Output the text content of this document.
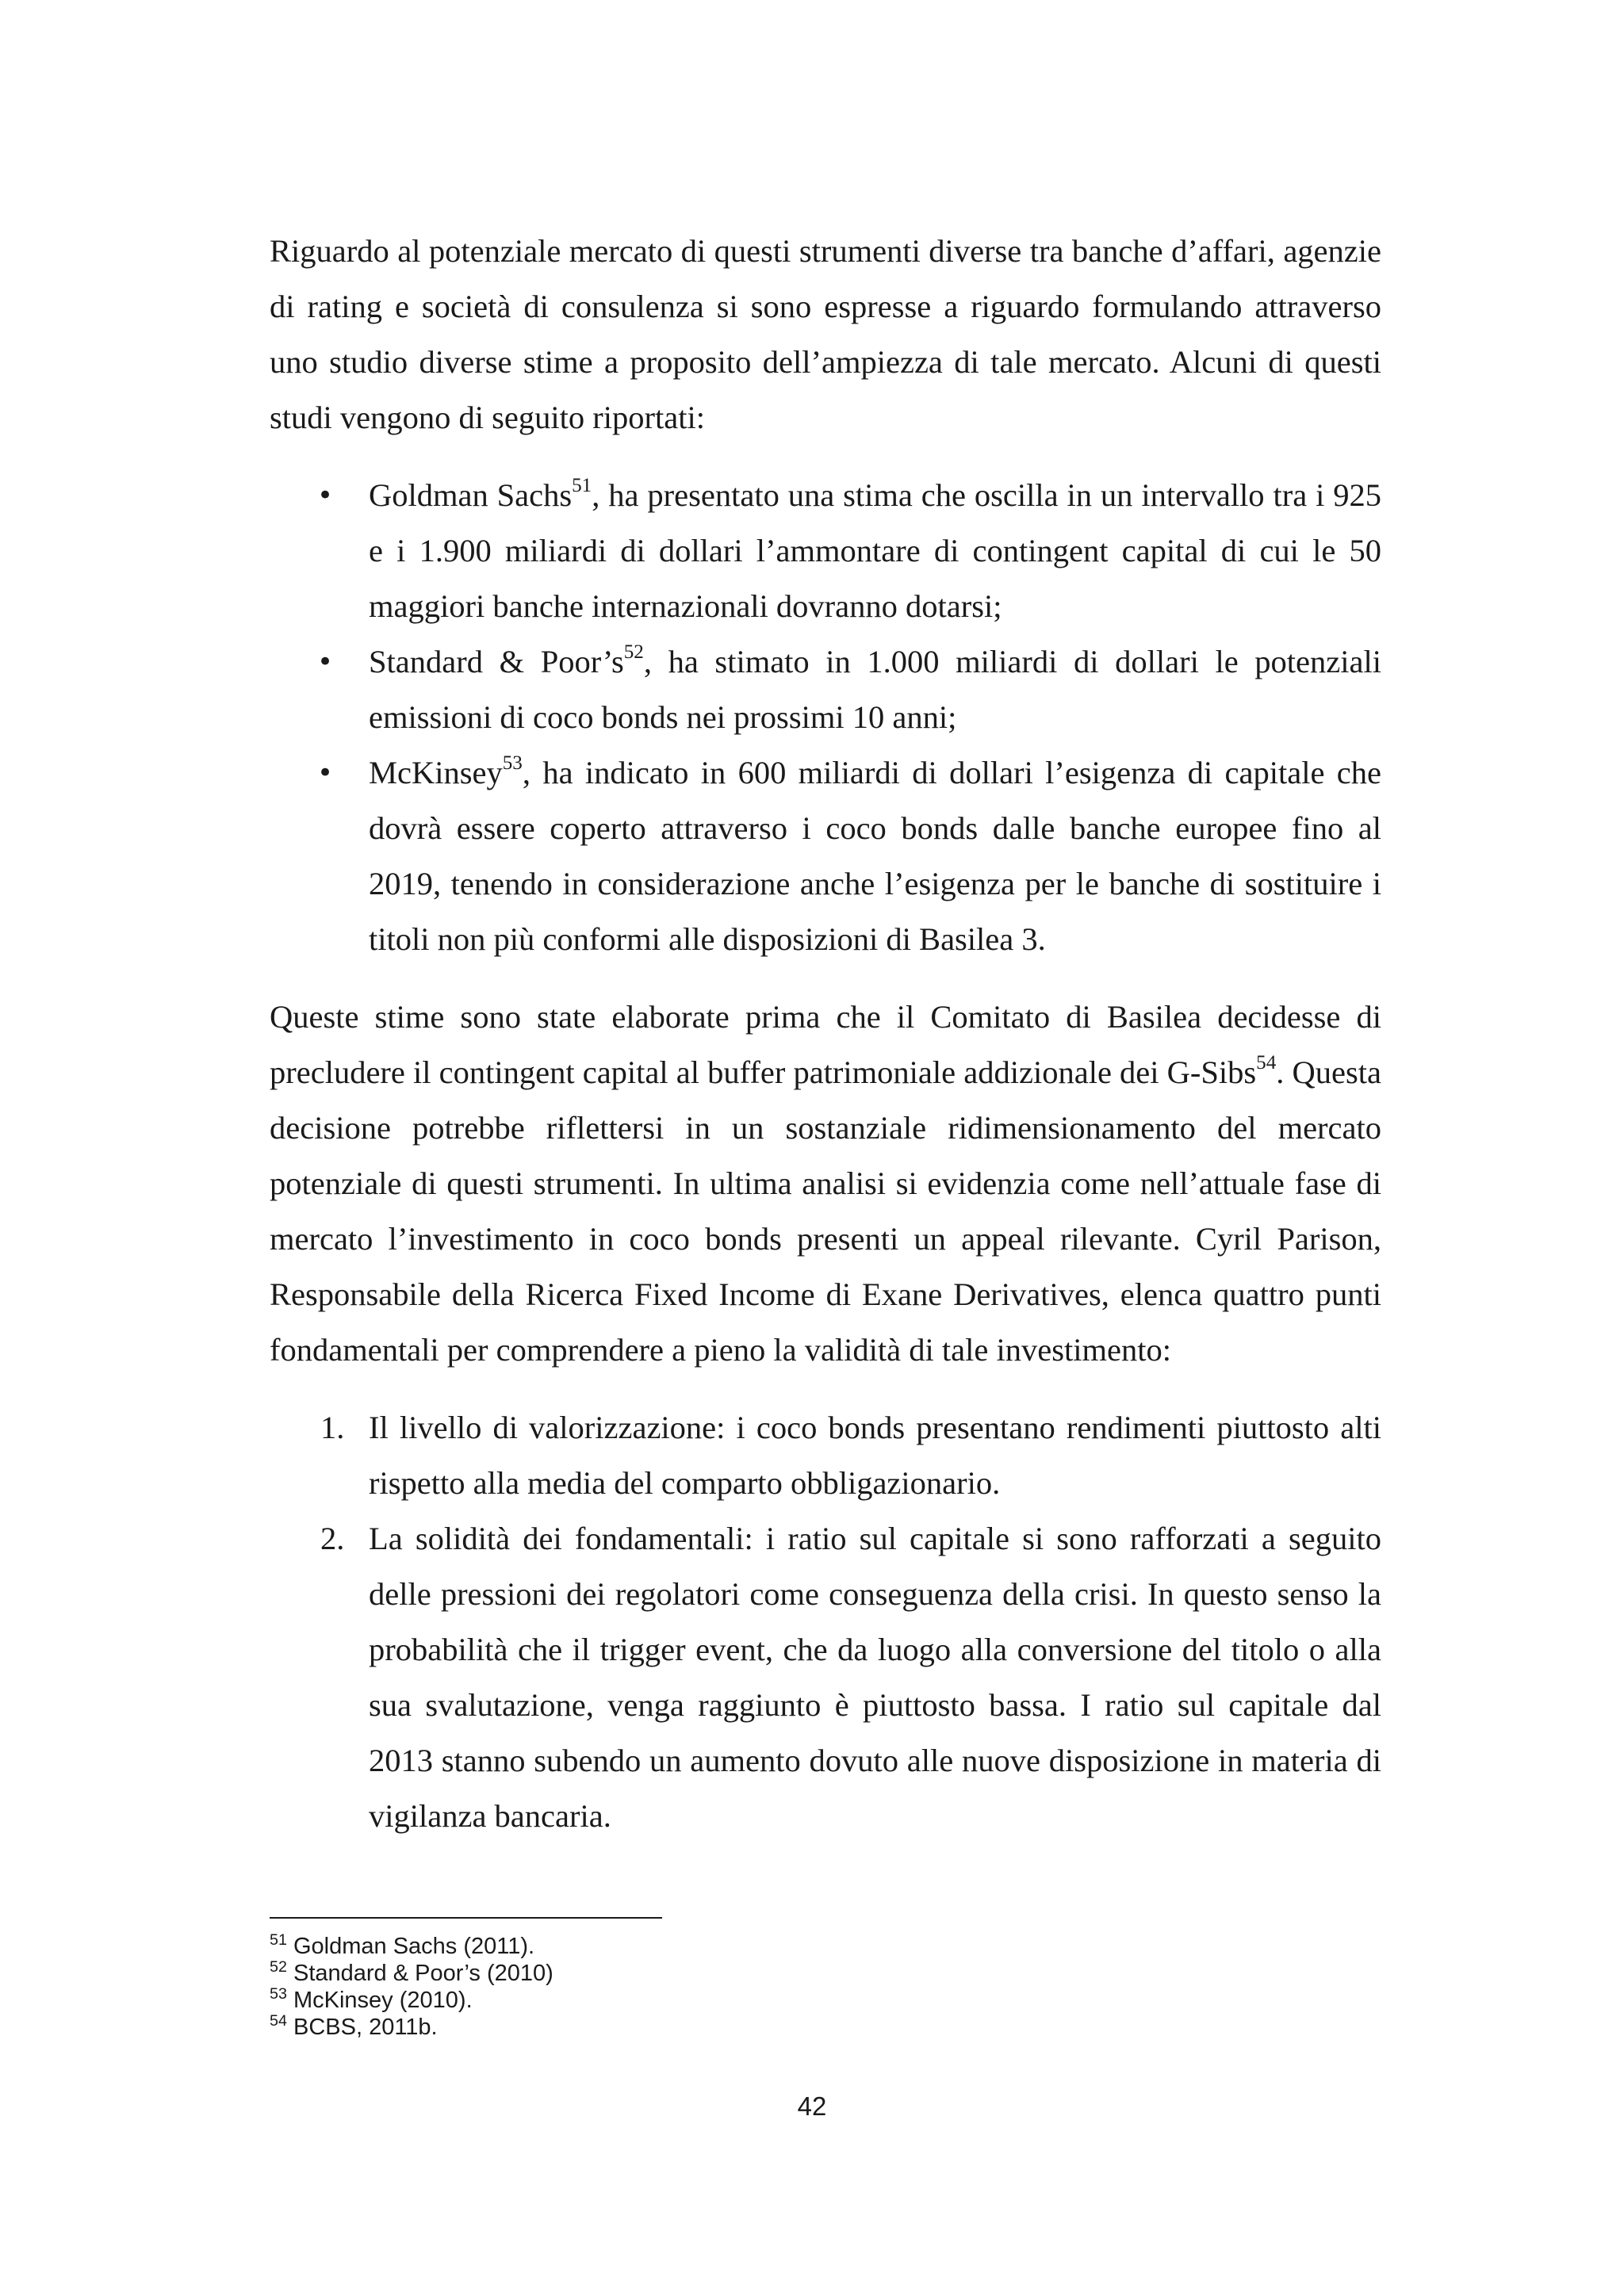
Riguardo al potenziale mercato di questi strumenti diverse tra banche d’affari, agenzie di rating e società di consulenza si sono espresse a riguardo formulando attraverso uno studio diverse stime a proposito dell’ampiezza di tale mercato. Alcuni di questi studi vengono di seguito riportati:

• Goldman Sachs$^{51}$, ha presentato una stima che oscilla in un intervallo tra i 925 e i 1.900 miliardi di dollari l’ammontare di contingent capital di cui le 50 maggiori banche internazionali dovranno dotarsi;
• Standard & $Poor’s^{52}$, ha stimato in 1.000 miliardi di dollari le potenziali emissioni di coco bonds nei prossimi 10 anni;
• McKinsey$^{53}$, ha indicato in 600 miliardi di dollari l’esigenza di capitale che dovrà essere coperto attraverso i coco bonds dalle banche europee fino al 2019, tenendo in considerazione anche l’esigenza per le banche di sostituire i titoli non più conformi alle disposizioni di Basilea 3.

Queste stime sono state elaborate prima che il Comitato di Basilea decidesse di precludere il contingent capital al buffer patrimoniale addizionale dei G-Sibs$^{54}$. Questa decisione potrebbe riflettersi in un sostanziale ridimensionamento del mercato potenziale di questi strumenti. In ultima analisi si evidenzia come nell’attuale fase di mercato l’investimento in coco bonds presenti un appeal rilevante. Cyril Parison, Responsabile della Ricerca Fixed Income di Exane Derivatives, elenca quattro punti fondamentali per comprendere a pieno la validità di tale investimento:

1. Il livello di valorizzazione: i coco bonds presentano rendimenti piuttosto alti rispetto alla media del comparto obbligazionario.
2. La solidità dei fondamentali: i ratio sul capitale si sono rafforzati a seguito delle pressioni dei regolatori come conseguenza della crisi. In questo senso la probabilità che il trigger event, che da luogo alla conversione del titolo o alla sua svalutazione, venga raggiunto è piuttosto bassa. I ratio sul capitale dal 2013 stanno subendo un aumento dovuto alle nuove disposizione in materia di vigilanza bancaria.
$^{51}$ Goldman Sachs (2011).
$^{52}$ Standard & Poor’s (2010)
$^{53}$ McKinsey (2010).
$^{54}$ BCBS, 2011b.
42
